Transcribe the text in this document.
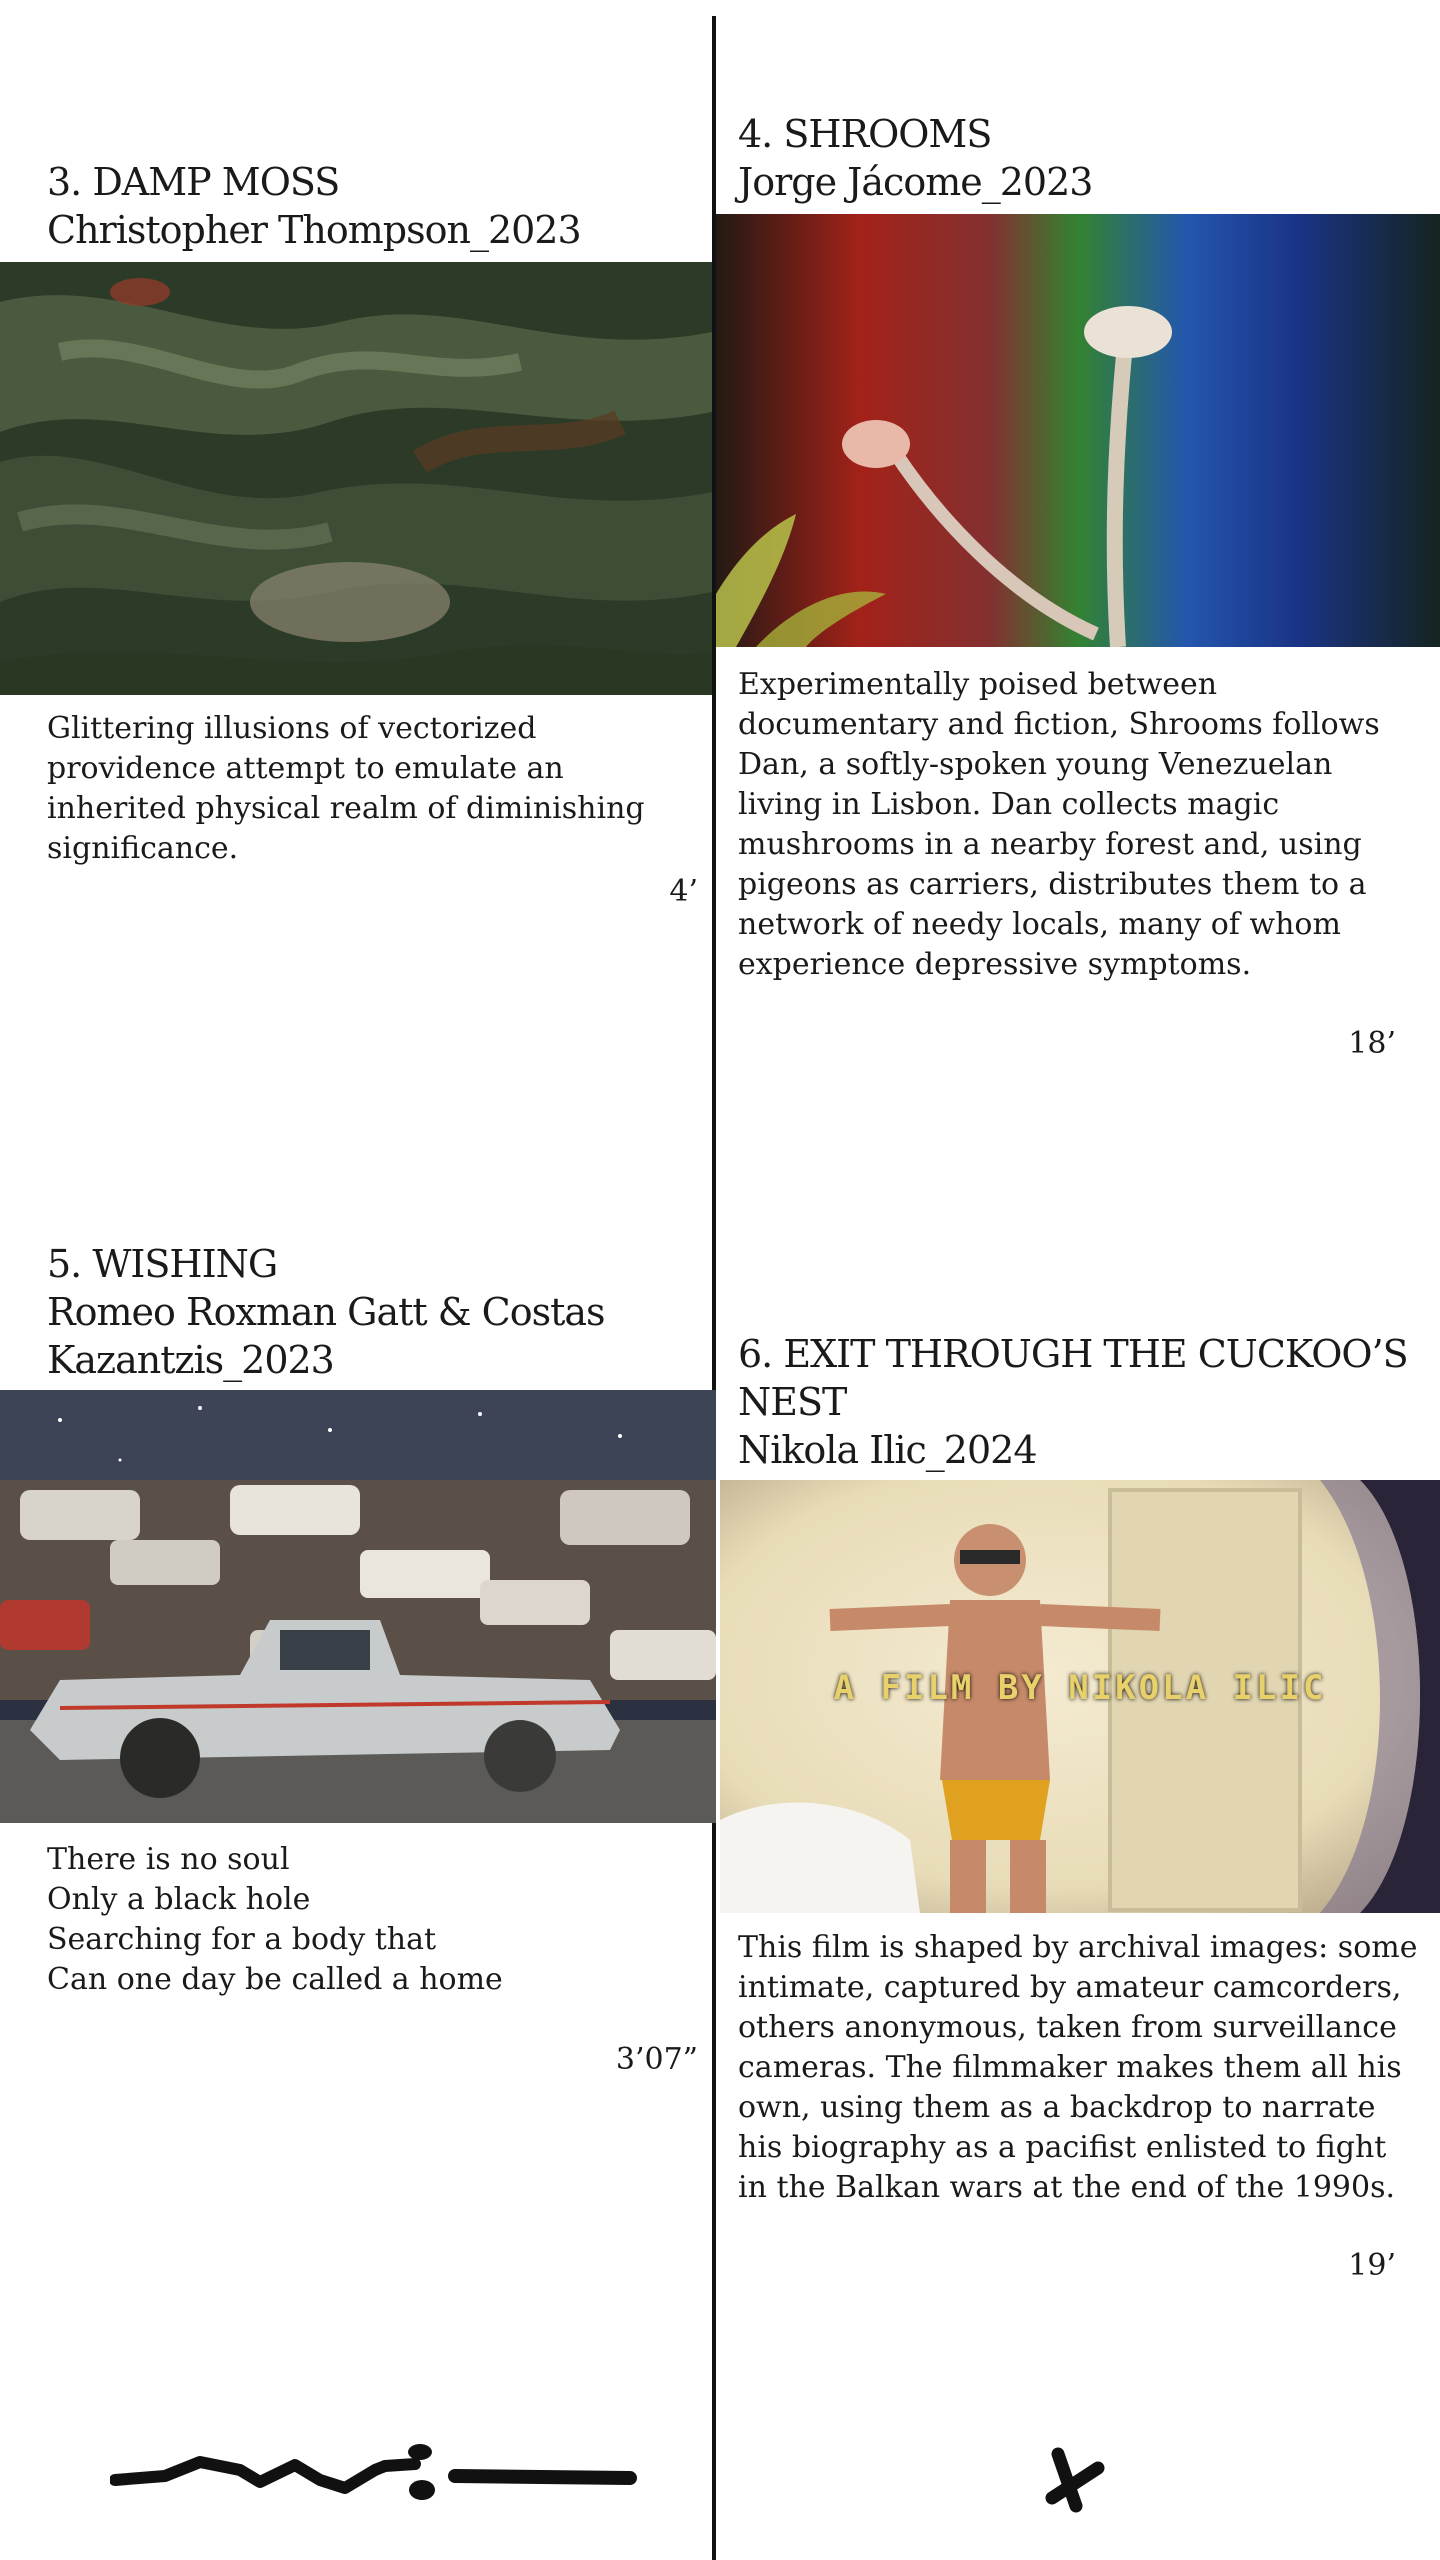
3. DAMP MOSS

Christopher Thompson_2023

Glittering illusions of vectorized providence attempt to emulate an inherited physical realm of diminishing significance.

4’

4. SHROOMS

Jorge Jácome_2023

Experimentally poised between documentary and fiction, Shrooms follows Dan, a softly-spoken young Venezuelan living in Lisbon. Dan collects magic mushrooms in a nearby forest and, using pigeons as carriers, distributes them to a network of needy locals, many of whom experience depressive symptoms.

18’

5. WISHING

Romeo Roxman Gatt & Costas Kazantzis_2023

There is no soul

Only a black hole

Searching for a body that

Can one day be called a home

3’07”

6. EXIT THROUGH THE CUCKOO’S NEST

Nikola Ilic_2024

A FILM BY NIKOLA ILIC

This film is shaped by archival images: some intimate, captured by amateur camcorders, others anonymous, taken from surveillance cameras. The filmmaker makes them all his own, using them as a backdrop to narrate his biography as a pacifist enlisted to fight in the Balkan wars at the end of the 1990s.

19’
